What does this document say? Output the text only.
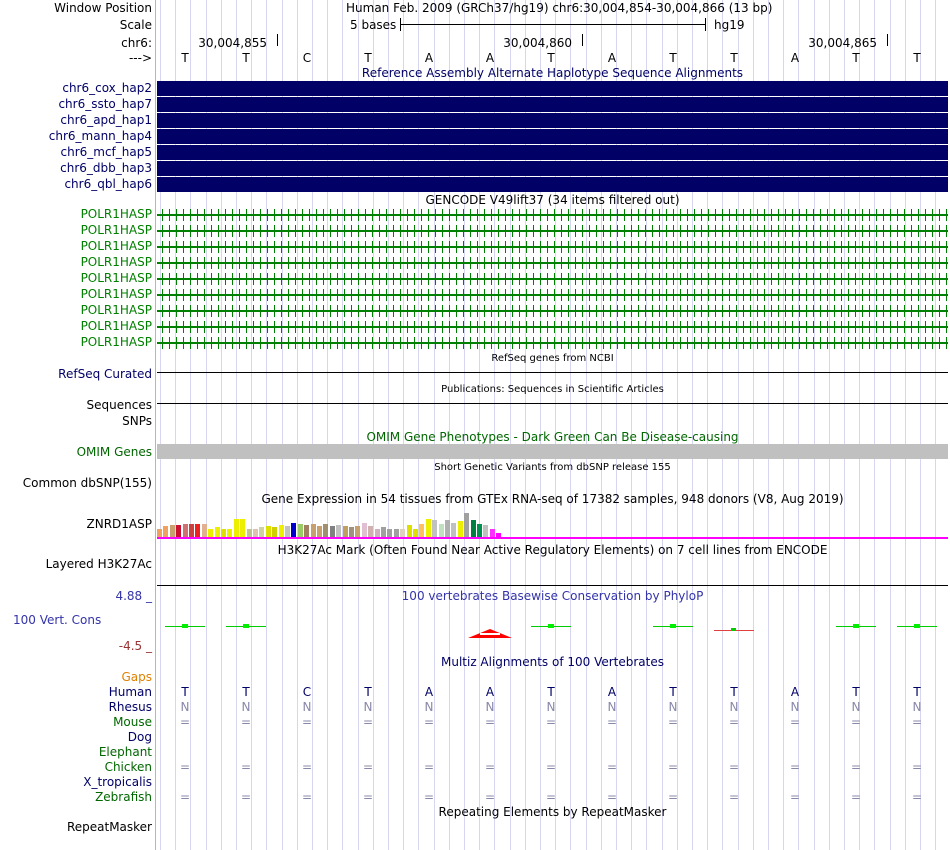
Window Position	Human Feb. 2009 (GRCh37/hg19) chr6:30,004,854-30,004,866 (13 bp)
Scale	5 bases	hg19
chr6:
--->
30,004,855	30,004,860	30,004,865
T	T	C	T	A	A	T	A	T	T	A	T	T
Reference Assembly Alternate Haplotype Sequence Alignments
chr6_cox_hap2
chr6_ssto_hap7
chr6_apd_hap1
chr6_mann_hap4
chr6_mcf_hap5
chr6_dbb_hap3
chr6_qbl_hap6
GENCODE V49lift37 (34 items filtered out)
POLR1HASP
POLR1HASP
POLR1HASP
POLR1HASP
POLR1HASP
POLR1HASP
POLR1HASP
POLR1HASP
POLR1HASP
RefSeq genes from NCBI
RefSeq Curated
Publications: Sequences in Scientific Articles
Sequences
SNPs
OMIM Gene Phenotypes - Dark Green Can Be Disease-causing
OMIM Genes
Short Genetic Variants from dbSNP release 155
Common dbSNP(155)
Gene Expression in 54 tissues from GTEx RNA-seq of 17382 samples, 948 donors (V8, Aug 2019)
ZNRD1ASP
H3K27Ac Mark (Often Found Near Active Regulatory Elements) on 7 cell lines from ENCODE
Layered H3K27Ac
100 vertebrates Basewise Conservation by PhyloP
4.88 _
100 Vert. Cons
-4.5 _
Multiz Alignments of 100 Vertebrates
Gaps
Human	T	T	C	T	A	A	T	A	T	T	A	T	T
Rhesus	N	N	N	N	N	N	N	N	N	N	N	N	N
Mouse	=	=	=	=	=	=	=	=	=	=	=	=	=
Dog
Elephant
Chicken	=	=	=	=	=	=	=	=	=	=	=	=	=
X_tropicalis
Zebrafish	=	=	=	=	=	=	=	=	=	=	=	=	=
Repeating Elements by RepeatMasker
RepeatMasker
